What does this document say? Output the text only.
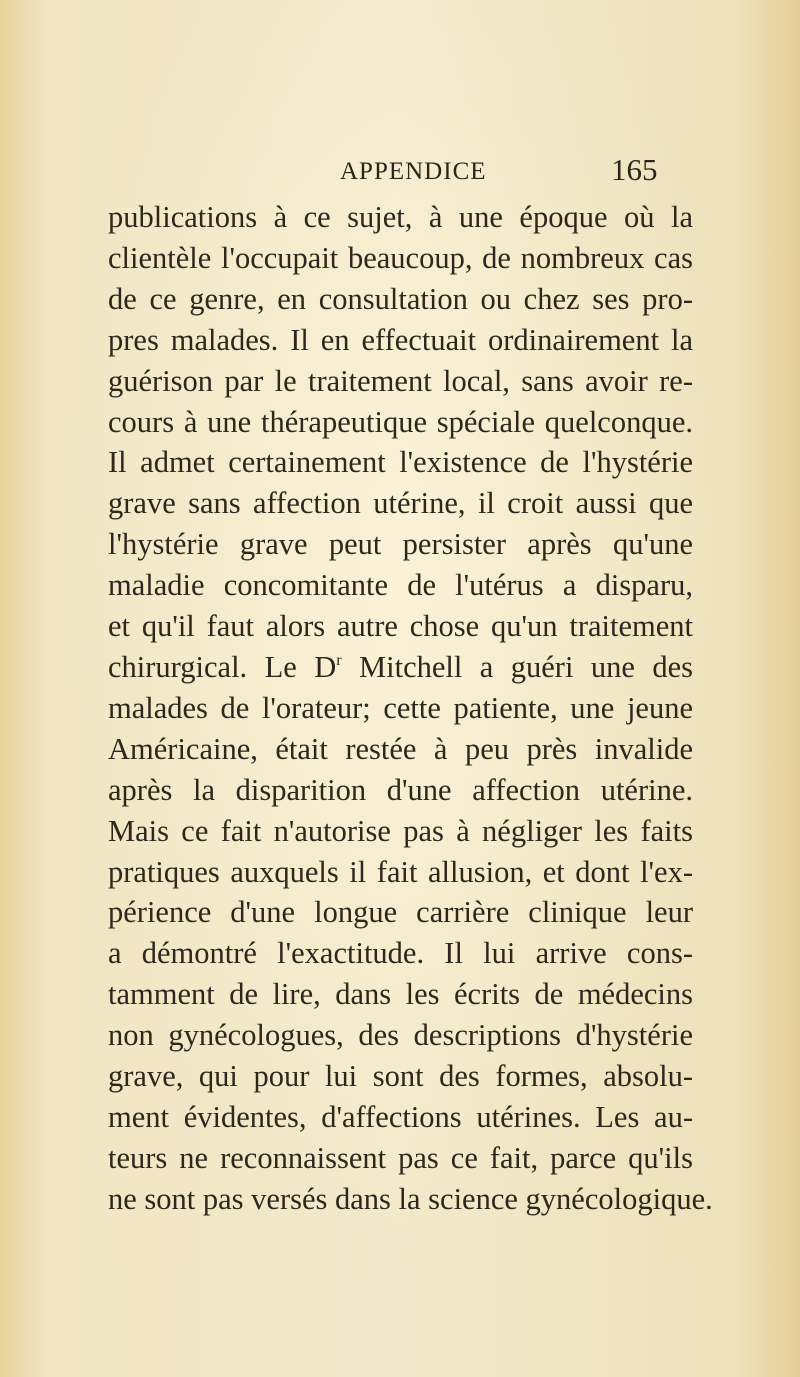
APPENDICE	165
publications à ce sujet, à une époque où la
clientèle l'occupait beaucoup, de nombreux cas
de ce genre, en consultation ou chez ses pro-
pres malades. Il en effectuait ordinairement la
guérison par le traitement local, sans avoir re-
cours à une thérapeutique spéciale quelconque.
Il admet certainement l'existence de l'hystérie
grave sans affection utérine, il croit aussi que
l'hystérie grave peut persister après qu'une
maladie concomitante de l'utérus a disparu,
et qu'il faut alors autre chose qu'un traitement
chirurgical. Le $D^r$ Mitchell a guéri une des
malades de l'orateur; cette patiente, une jeune
Américaine, était restée à peu près invalide
après la disparition d'une affection utérine.
Mais ce fait n'autorise pas à négliger les faits
pratiques auxquels il fait allusion, et dont l'ex-
périence d'une longue carrière clinique leur
a démontré l'exactitude. Il lui arrive cons-
tamment de lire, dans les écrits de médecins
non gynécologues, des descriptions d'hystérie
grave, qui pour lui sont des formes, absolu-
ment évidentes, d'affections utérines. Les au-
teurs ne reconnaissent pas ce fait, parce qu'ils
ne sont pas versés dans la science gynécologique.
